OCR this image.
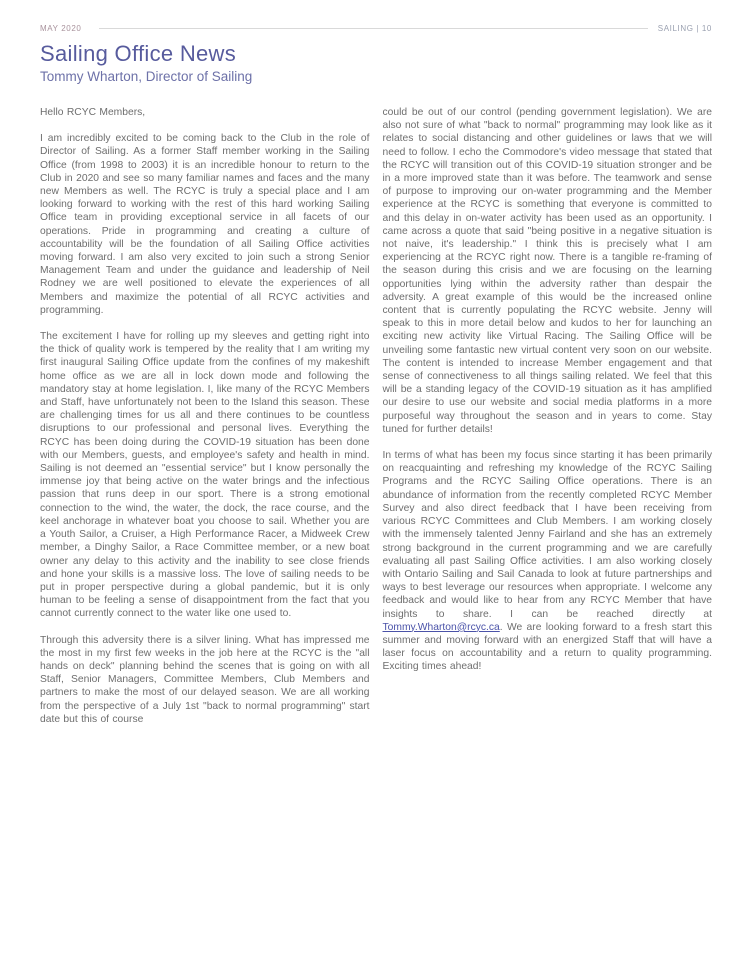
MAY 2020	SAILING | 10
Sailing Office News
Tommy Wharton, Director of Sailing

Hello RCYC Members,

I am incredibly excited to be coming back to the Club in the role of Director of Sailing. As a former Staff member working in the Sailing Office (from 1998 to 2003) it is an incredible honour to return to the Club in 2020 and see so many familiar names and faces and the many new Members as well. The RCYC is truly a special place and I am looking forward to working with the rest of this hard working Sailing Office team in providing exceptional service in all facets of our operations. Pride in programming and creating a culture of accountability will be the foundation of all Sailing Office activities moving forward. I am also very excited to join such a strong Senior Management Team and under the guidance and leadership of Neil Rodney we are well positioned to elevate the experiences of all Members and maximize the potential of all RCYC activities and programming.

The excitement I have for rolling up my sleeves and getting right into the thick of quality work is tempered by the reality that I am writing my first inaugural Sailing Office update from the confines of my makeshift home office as we are all in lock down mode and following the mandatory stay at home legislation. I, like many of the RCYC Members and Staff, have unfortunately not been to the Island this season. These are challenging times for us all and there continues to be countless disruptions to our professional and personal lives. Everything the RCYC has been doing during the COVID-19 situation has been done with our Members, guests, and employee's safety and health in mind. Sailing is not deemed an "essential service" but I know personally the immense joy that being active on the water brings and the infectious passion that runs deep in our sport. There is a strong emotional connection to the wind, the water, the dock, the race course, and the keel anchorage in whatever boat you choose to sail. Whether you are a Youth Sailor, a Cruiser, a High Performance Racer, a Midweek Crew member, a Dinghy Sailor, a Race Committee member, or a new boat owner any delay to this activity and the inability to see close friends and hone your skills is a massive loss. The love of sailing needs to be put in proper perspective during a global pandemic, but it is only human to be feeling a sense of disappointment from the fact that you cannot currently connect to the water like one used to.

Through this adversity there is a silver lining. What has impressed me the most in my first few weeks in the job here at the RCYC is the "all hands on deck" planning behind the scenes that is going on with all Staff, Senior Managers, Committee Members, Club Members and partners to make the most of our delayed season. We are all working from the perspective of a July 1st "back to normal programming" start date but this of course

could be out of our control (pending government legislation). We are also not sure of what "back to normal" programming may look like as it relates to social distancing and other guidelines or laws that we will need to follow. I echo the Commodore's video message that stated that the RCYC will transition out of this COVID-19 situation stronger and be in a more improved state than it was before. The teamwork and sense of purpose to improving our on-water programming and the Member experience at the RCYC is something that everyone is committed to and this delay in on-water activity has been used as an opportunity. I came across a quote that said "being positive in a negative situation is not naive, it's leadership." I think this is precisely what I am experiencing at the RCYC right now. There is a tangible re-framing of the season during this crisis and we are focusing on the learning opportunities lying within the adversity rather than despair the adversity. A great example of this would be the increased online content that is currently populating the RCYC website. Jenny will speak to this in more detail below and kudos to her for launching an exciting new activity like Virtual Racing. The Sailing Office will be unveiling some fantastic new virtual content very soon on our website. The content is intended to increase Member engagement and that sense of connectiveness to all things sailing related. We feel that this will be a standing legacy of the COVID-19 situation as it has amplified our desire to use our website and social media platforms in a more purposeful way throughout the season and in years to come. Stay tuned for further details!

In terms of what has been my focus since starting it has been primarily on reacquainting and refreshing my knowledge of the RCYC Sailing Programs and the RCYC Sailing Office operations. There is an abundance of information from the recently completed RCYC Member Survey and also direct feedback that I have been receiving from various RCYC Committees and Club Members. I am working closely with the immensely talented Jenny Fairland and she has an extremely strong background in the current programming and we are carefully evaluating all past Sailing Office activities. I am also working closely with Ontario Sailing and Sail Canada to look at future partnerships and ways to best leverage our resources when appropriate. I welcome any feedback and would like to hear from any RCYC Member that have insights to share. I can be reached directly at Tommy.Wharton@rcyc.ca. We are looking forward to a fresh start this summer and moving forward with an energized Staff that will have a laser focus on accountability and a return to quality programming. Exciting times ahead!
